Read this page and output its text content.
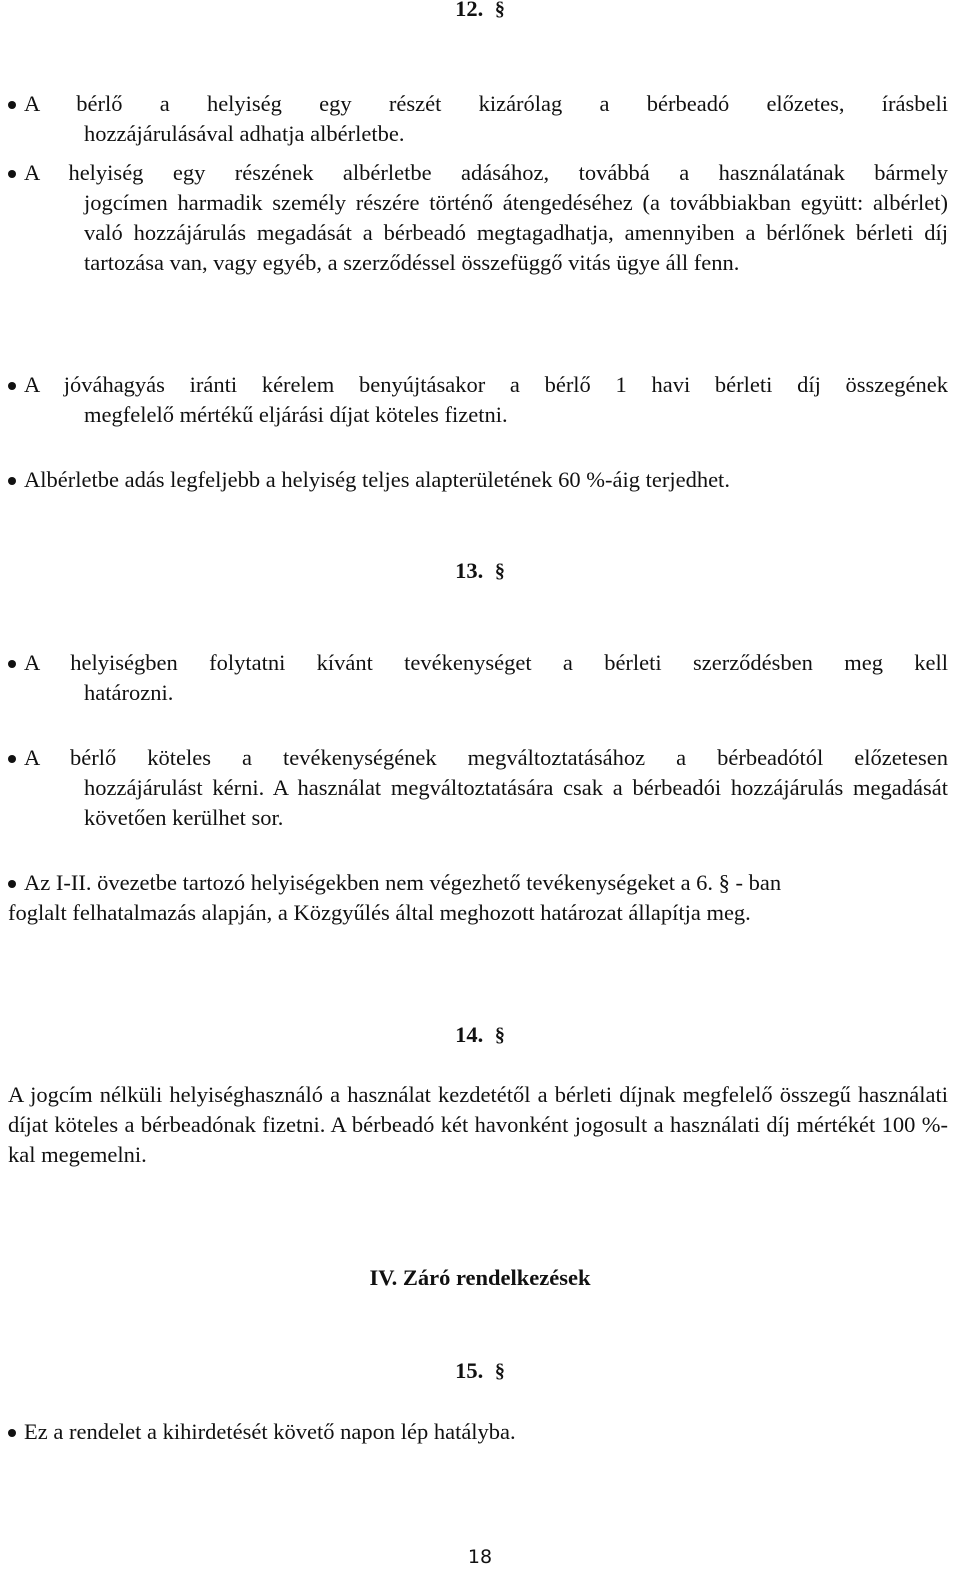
12. §
A bérlő a helyiség egy részét kizárólag a bérbeadó előzetes, írásbeli
hozzájárulásával adhatja albérletbe.
A helyiség egy részének albérletbe adásához, továbbá a használatának bármely
jogcímen harmadik személy részére történő átengedéséhez (a továbbiakban együtt: albérlet) való hozzájárulás megadását a bérbeadó megtagadhatja, amennyiben a bérlőnek bérleti díj tartozása van, vagy egyéb, a szerződéssel összefüggő vitás ügye áll fenn.
A jóváhagyás iránti kérelem benyújtásakor a bérlő 1 havi bérleti díj összegének
megfelelő mértékű eljárási díjat köteles fizetni.
Albérletbe adás legfeljebb a helyiség teljes alapterületének 60 %-áig terjedhet.
13. §
A helyiségben folytatni kívánt tevékenységet a bérleti szerződésben meg kell
határozni.
A bérlő köteles a tevékenységének megváltoztatásához a bérbeadótól előzetesen
hozzájárulást kérni. A használat megváltoztatására csak a bérbeadói hozzájárulás megadását követően kerülhet sor.
Az I-II. övezetbe tartozó helyiségekben nem végezhető tevékenységeket a 6. § - ban
foglalt felhatalmazás alapján, a Közgyűlés által meghozott határozat állapítja meg.
14. §
A jogcím nélküli helyiséghasználó a használat kezdetétől a bérleti díjnak megfelelő összegű használati díjat köteles a bérbeadónak fizetni. A bérbeadó két havonként jogosult a használati díj mértékét 100 %-kal megemelni.
IV. Záró rendelkezések
15. §
Ez a rendelet a kihirdetését követő napon lép hatályba.
18
